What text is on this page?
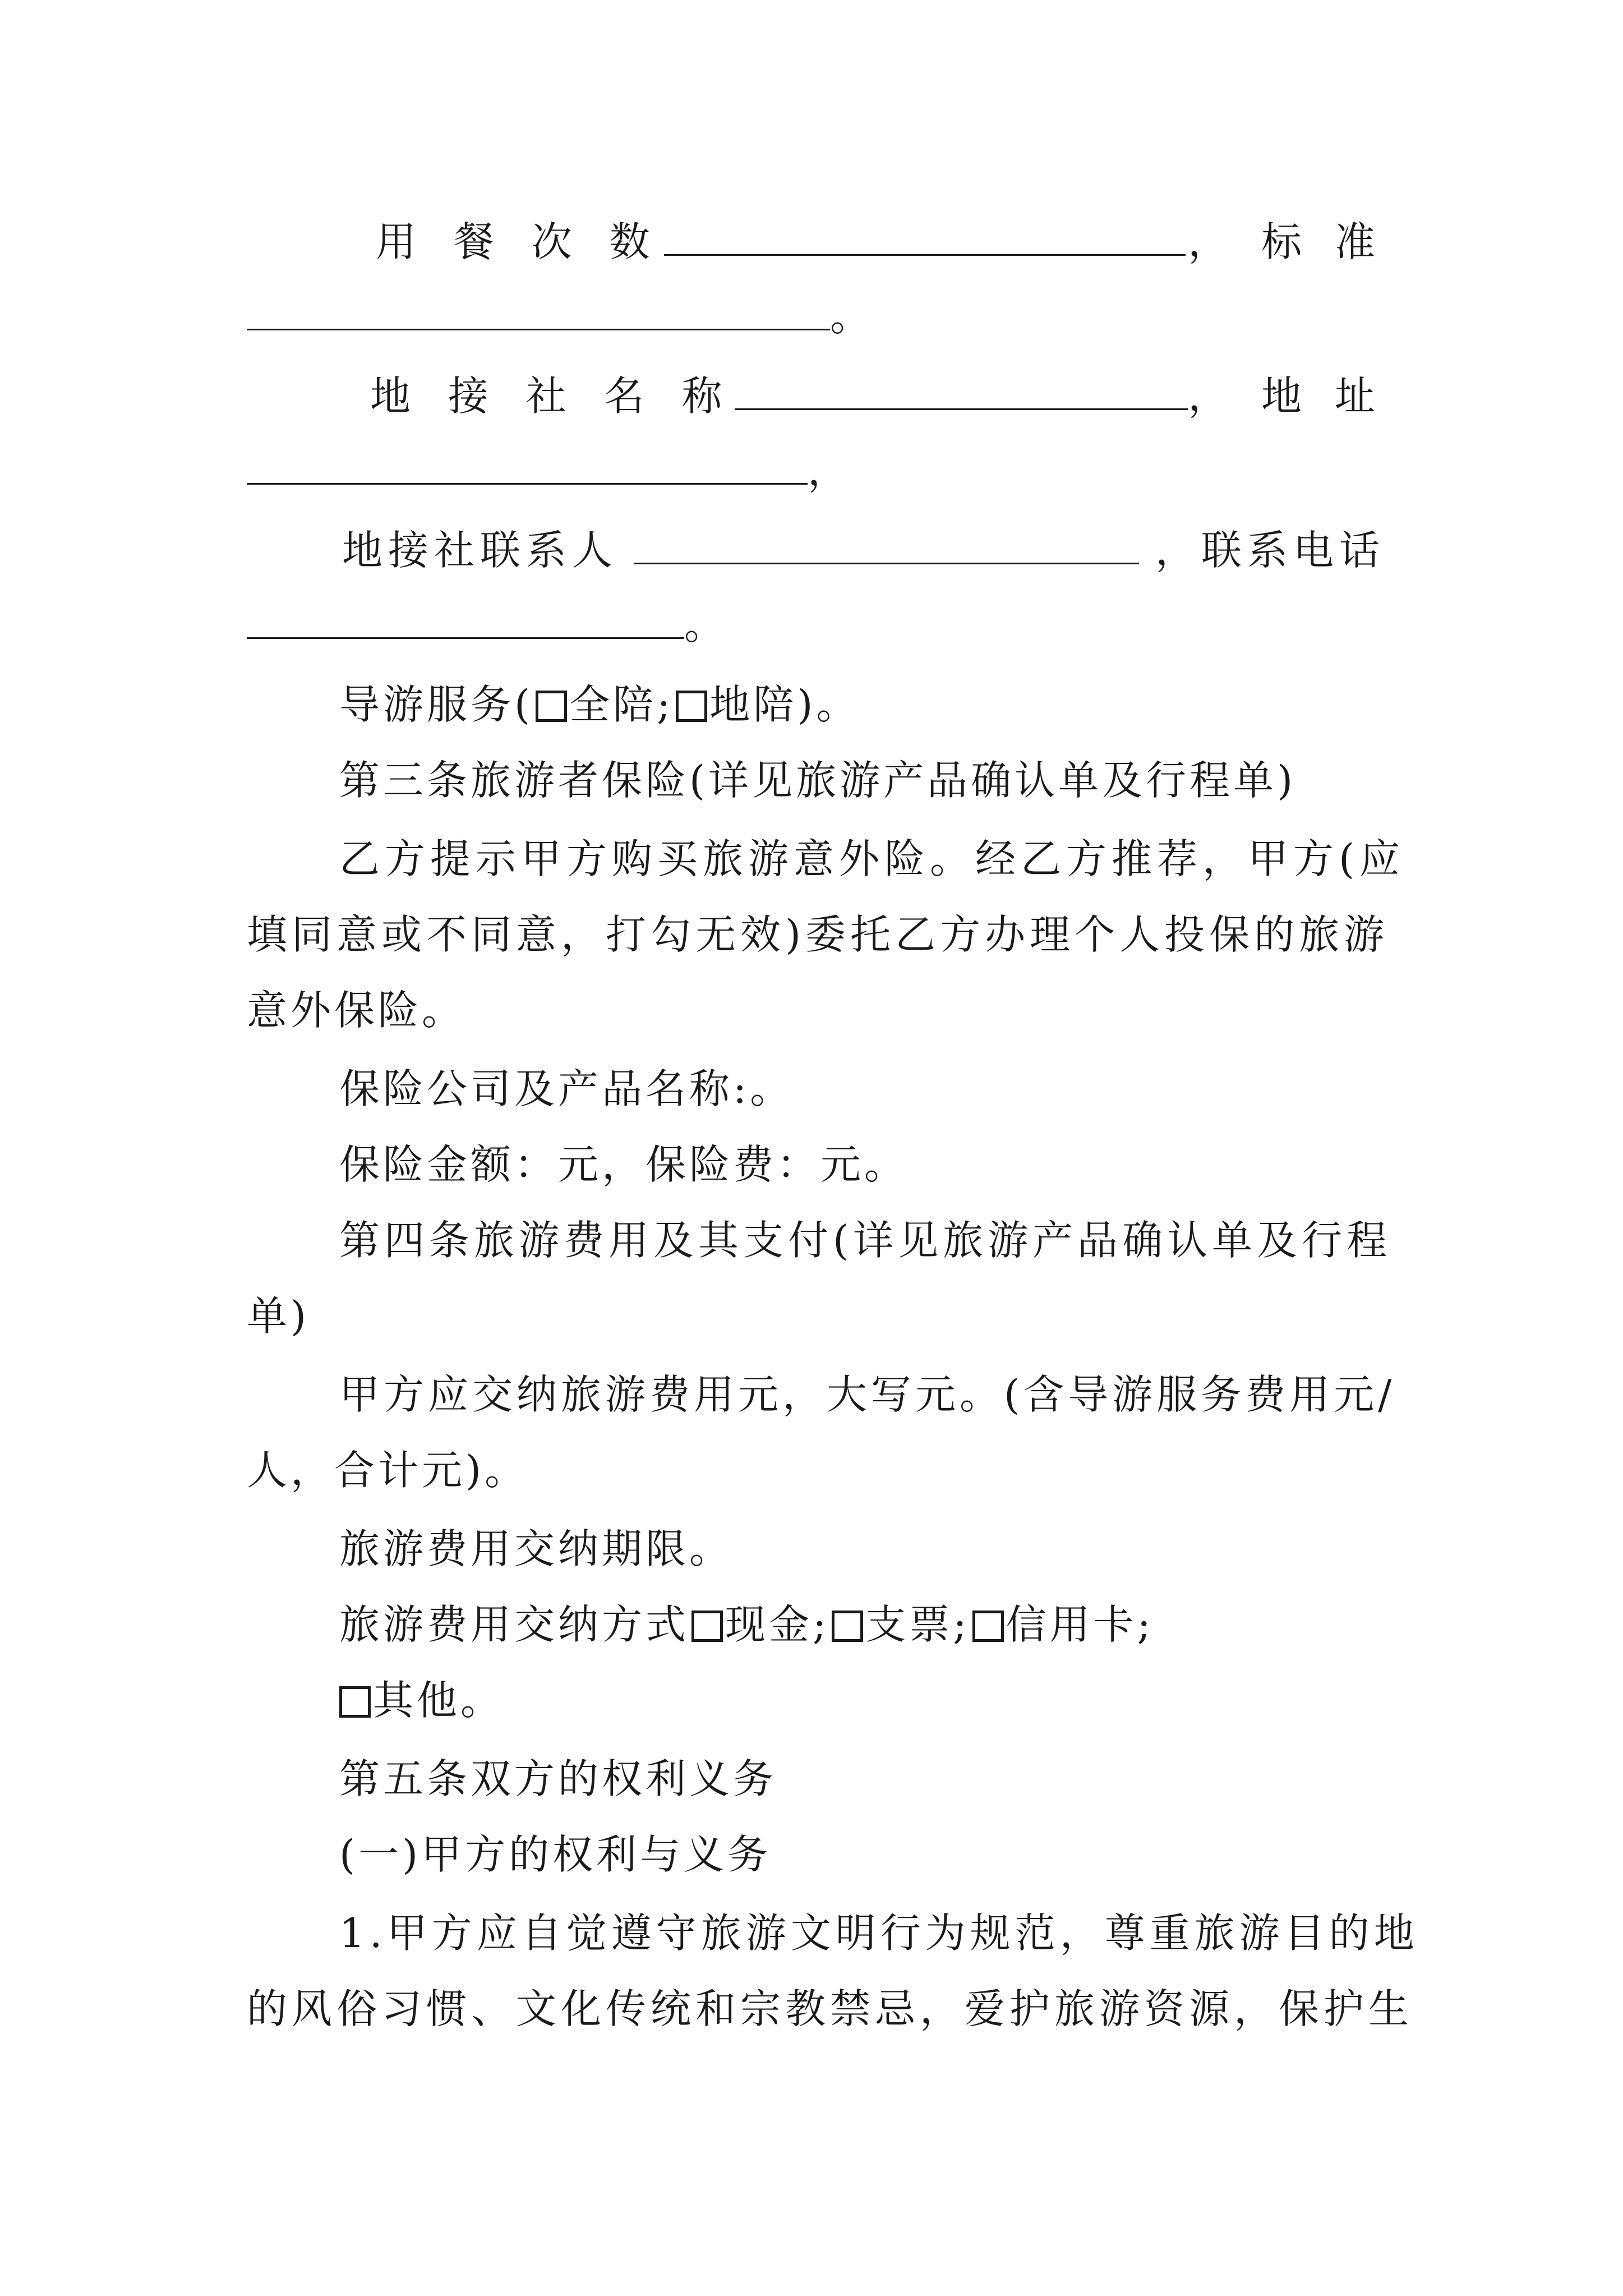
用 餐 次 数	， 标 准
。
地 接 社 名 称	， 地 址
，
地接社联系人	，联系电话
。
导游服务( 全陪; 地陪)。
第三条旅游者保险(详见旅游产品确认单及行程单)
乙方提示甲方购买旅游意外险。经乙方推荐，甲方(应
填同意或不同意，打勾无效)委托乙方办理个人投保的旅游
意外保险。
保险公司及产品名称:。
保险金额：元，保险费：元。
第四条旅游费用及其支付(详见旅游产品确认单及行程
单)
甲方应交纳旅游费用元，大写元。(含导游服务费用元/
人，合计元)。
旅游费用交纳期限。
旅游费用交纳方式 现金; 支票; 信用卡;
其他。
第五条双方的权利义务
(一)甲方的权利与义务
1.甲方应自觉遵守旅游文明行为规范，尊重旅游目的地
的风俗习惯、文化传统和宗教禁忌，爱护旅游资源，保护生
